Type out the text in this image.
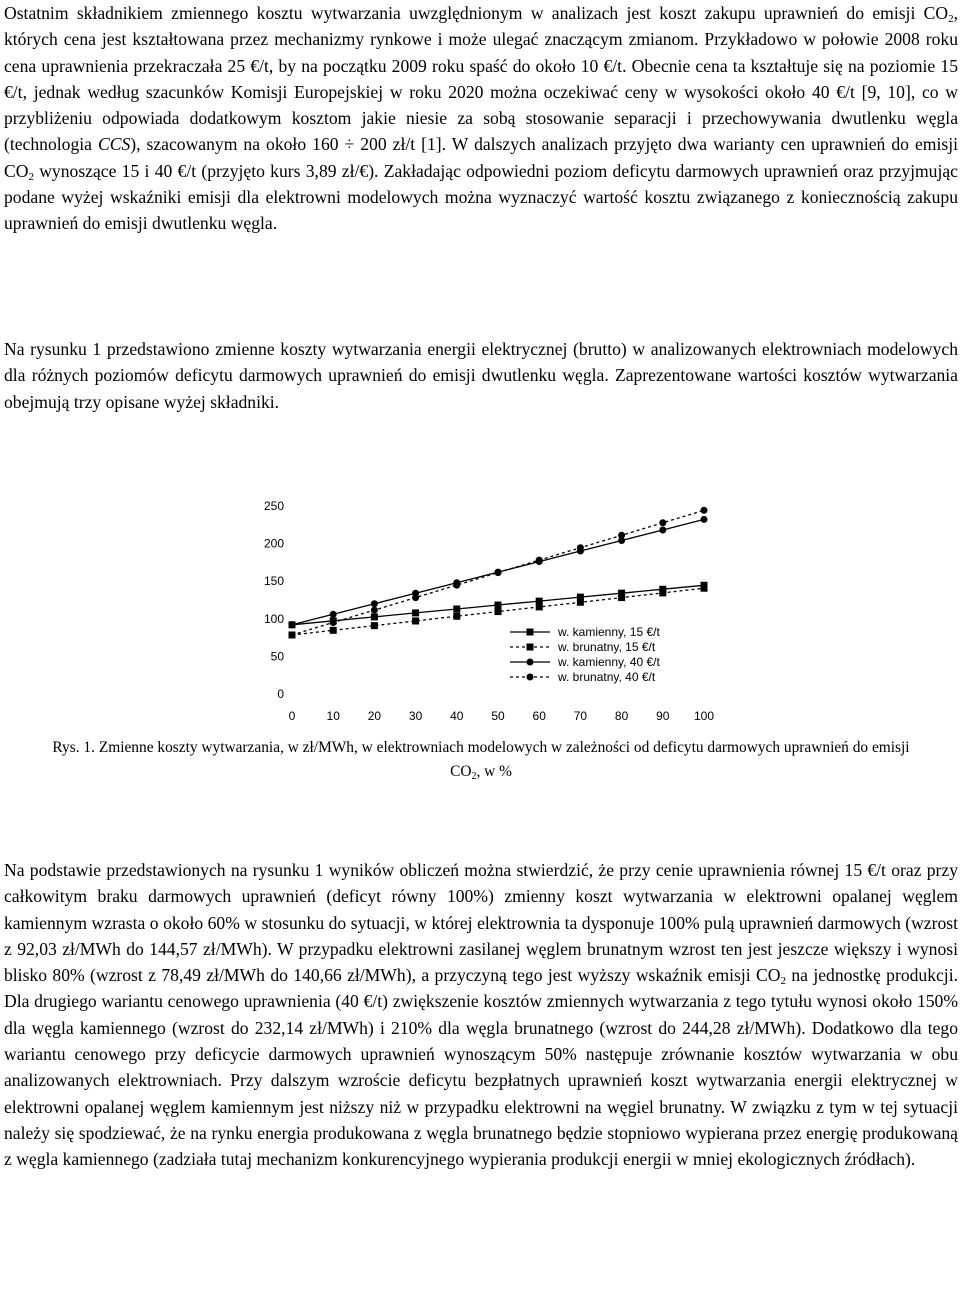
Ostatnim składnikiem zmiennego kosztu wytwarzania uwzględnionym w analizach jest koszt zakupu uprawnień do emisji $CO_2$, których cena jest kształtowana przez mechanizmy rynkowe i może ulegać znaczącym zmianom. Przykładowo w połowie 2008 roku cena uprawnienia przekraczała 25 €/t, by na początku 2009 roku spaść do około 10 €/t. Obecnie cena ta kształtuje się na poziomie 15 €/t, jednak według szacunków Komisji Europejskiej w roku 2020 można oczekiwać ceny w wysokości około 40 €/t [9, 10], co w przybliżeniu odpowiada dodatkowym kosztom jakie niesie za sobą stosowanie separacji i przechowywania dwutlenku węgla (technologia CCS), szacowanym na około 160 ÷ 200 zł/t [1]. W dalszych analizach przyjęto dwa warianty cen uprawnień do emisji $CO_2$ wynoszące 15 i 40 €/t (przyjęto kurs 3,89 zł/€). Zakładając odpowiedni poziom deficytu darmowych uprawnień oraz przyjmując podane wyżej wskaźniki emisji dla elektrowni modelowych można wyznaczyć wartość kosztu związanego z koniecznością zakupu uprawnień do emisji dwutlenku węgla.
Na rysunku 1 przedstawiono zmienne koszty wytwarzania energii elektrycznej (brutto) w analizowanych elektrowniach modelowych dla różnych poziomów deficytu darmowych uprawnień do emisji dwutlenku węgla. Zaprezentowane wartości kosztów wytwarzania obejmują trzy opisane wyżej składniki.
0
50
100
150
200
250
0	10 20 30 40 50 60 70 80 90 100
w. kamienny, 15 €/t
w. brunatny, 15 €/t
w. kamienny, 40 €/t
w. brunatny, 40 €/t
Rys. 1. Zmienne koszty wytwarzania, w zł/MWh, w elektrowniach modelowych w zależności od deficytu darmowych uprawnień do emisji $CO_2$, w %
Na podstawie przedstawionych na rysunku 1 wyników obliczeń można stwierdzić, że przy cenie uprawnienia równej 15 €/t oraz przy całkowitym braku darmowych uprawnień (deficyt równy 100%) zmienny koszt wytwarzania w elektrowni opalanej węglem kamiennym wzrasta o około 60% w stosunku do sytuacji, w której elektrownia ta dysponuje 100% pulą uprawnień darmowych (wzrost z 92,03 zł/MWh do 144,57 zł/MWh). W przypadku elektrowni zasilanej węglem brunatnym wzrost ten jest jeszcze większy i wynosi blisko 80% (wzrost z 78,49 zł/MWh do 140,66 zł/MWh), a przyczyną tego jest wyższy wskaźnik emisji $CO_2$ na jednostkę produkcji. Dla drugiego wariantu cenowego uprawnienia (40 €/t) zwiększenie kosztów zmiennych wytwarzania z tego tytułu wynosi około 150% dla węgla kamiennego (wzrost do 232,14 zł/MWh) i 210% dla węgla brunatnego (wzrost do 244,28 zł/MWh). Dodatkowo dla tego wariantu cenowego przy deficycie darmowych uprawnień wynoszącym 50% następuje zrównanie kosztów wytwarzania w obu analizowanych elektrowniach. Przy dalszym wzroście deficytu bezpłatnych uprawnień koszt wytwarzania energii elektrycznej w elektrowni opalanej węglem kamiennym jest niższy niż w przypadku elektrowni na węgiel brunatny. W związku z tym w tej sytuacji należy się spodziewać, że na rynku energia produkowana z węgla brunatnego będzie stopniowo wypierana przez energię produkowaną z węgla kamiennego (zadziała tutaj mechanizm konkurencyjnego wypierania produkcji energii w mniej ekologicznych źródłach).
